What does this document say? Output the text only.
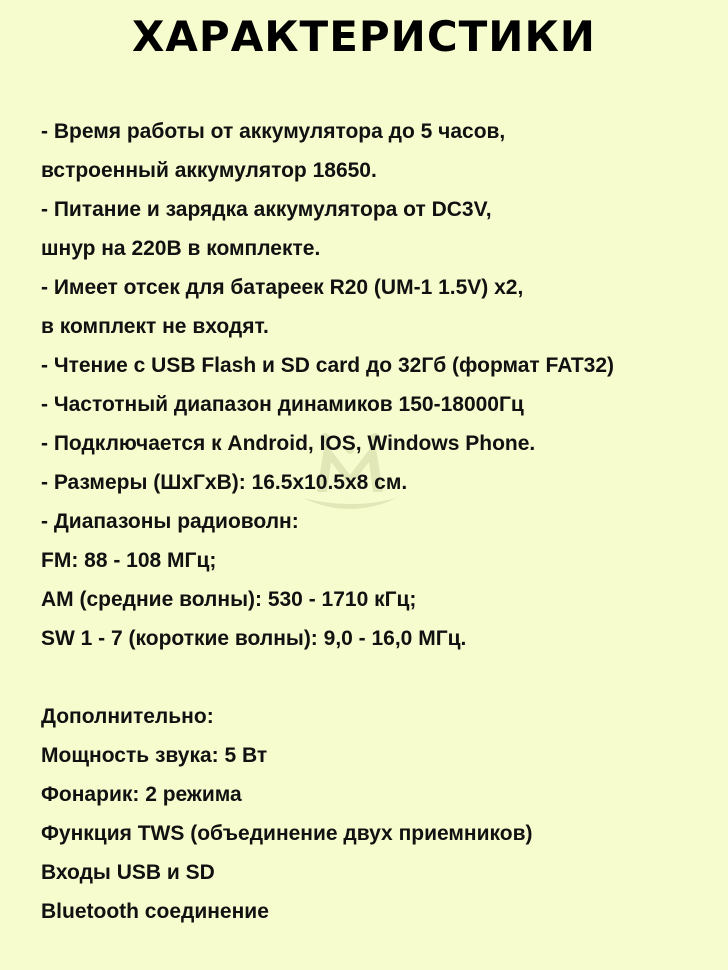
ХАРАКТЕРИСТИКИ
- Время работы от аккумулятора до 5 часов,
встроенный аккумулятор 18650.
- Питание и зарядка аккумулятора от DC3V,
шнур на 220В в комплекте.
- Имеет отсек для батареек R20 (UM-1 1.5V) x2,
в комплект не входят.
- Чтение с USB Flash и SD card до 32Гб (формат FAT32)
- Частотный диапазон динамиков 150-18000Гц
- Подключается к Android, IOS, Windows Phone.
- Размеры (ШхГхВ): 16.5х10.5х8 см.
- Диапазоны радиоволн:
FM: 88 - 108 МГц;
AM (средние волны): 530 - 1710 кГц;
SW 1 - 7 (короткие волны): 9,0 - 16,0 МГц.
Дополнительно:
Мощность звука: 5 Вт
Фонарик: 2 режима
Функция TWS (объединение двух приемников)
Входы USB и SD
Bluetooth соединение
